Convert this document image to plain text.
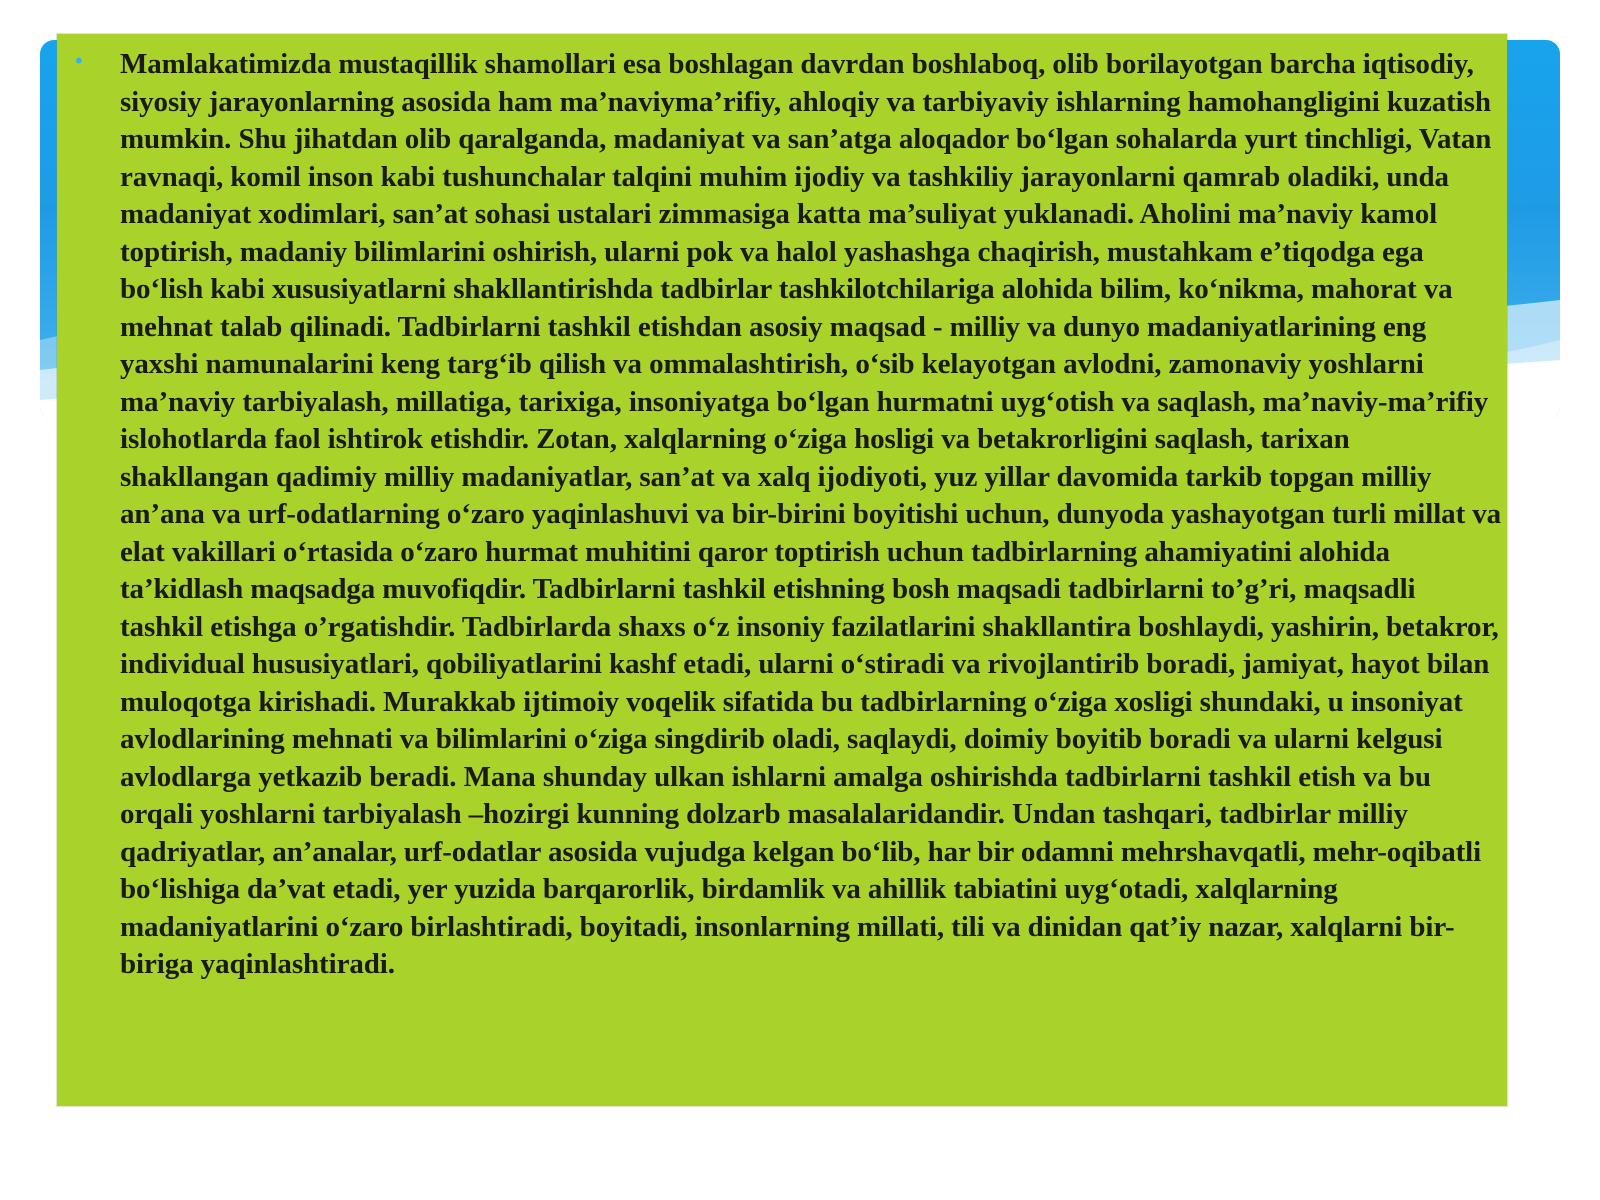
• Mamlakatimizda mustaqillik shamollari esa boshlagan davrdan boshlaboq, olib borilayotgan barcha iqtisodiy, siyosiy jarayonlarning asosida ham ma’naviyma’rifiy, ahloqiy va tarbiyaviy ishlarning hamohangligini kuzatish mumkin. Shu jihatdan olib qaralganda, madaniyat va san’atga aloqador bo‘lgan sohalarda yurt tinchligi, Vatan ravnaqi, komil inson kabi tushunchalar talqini muhim ijodiy va tashkiliy jarayonlarni qamrab oladiki, unda madaniyat xodimlari, san’at sohasi ustalari zimmasiga katta ma’suliyat yuklanadi. Aholini ma’naviy kamol toptirish, madaniy bilimlarini oshirish, ularni pok va halol yashashga chaqirish, mustahkam e’tiqodga ega bo‘lish kabi xususiyatlarni shakllantirishda tadbirlar tashkilotchilariga alohida bilim, ko‘nikma, mahorat va mehnat talab qilinadi. Tadbirlarni tashkil etishdan asosiy maqsad - milliy va dunyo madaniyatlarining eng yaxshi namunalarini keng targ‘ib qilish va ommalashtirish, o‘sib kelayotgan avlodni, zamonaviy yoshlarni ma’naviy tarbiyalash, millatiga, tarixiga, insoniyatga bo‘lgan hurmatni uyg‘otish va saqlash, ma’naviy-ma’rifiy islohotlarda faol ishtirok etishdir. Zotan, xalqlarning o‘ziga hosligi va betakrorligini saqlash, tarixan shakllangan qadimiy milliy madaniyatlar, san’at va xalq ijodiyoti, yuz yillar davomida tarkib topgan milliy an’ana va urf-odatlarning o‘zaro yaqinlashuvi va bir-birini boyitishi uchun, dunyoda yashayotgan turli millat va elat vakillari o‘rtasida o‘zaro hurmat muhitini qaror toptirish uchun tadbirlarning ahamiyatini alohida ta’kidlash maqsadga muvofiqdir. Tadbirlarni tashkil etishning bosh maqsadi tadbirlarni to’g’ri, maqsadli tashkil etishga o’rgatishdir. Tadbirlarda shaxs o‘z insoniy fazilatlarini shakllantira boshlaydi, yashirin, betakror, individual hususiyatlari, qobiliyatlarini kashf etadi, ularni o‘stiradi va rivojlantirib boradi, jamiyat, hayot bilan muloqotga kirishadi. Murakkab ijtimoiy voqelik sifatida bu tadbirlarning o‘ziga xosligi shundaki, u insoniyat avlodlarining mehnati va bilimlarini o‘ziga singdirib oladi, saqlaydi, doimiy boyitib boradi va ularni kelgusi avlodlarga yetkazib beradi. Mana shunday ulkan ishlarni amalga oshirishda tadbirlarni tashkil etish va bu orqali yoshlarni tarbiyalash –hozirgi kunning dolzarb masalalaridandir. Undan tashqari, tadbirlar milliy qadriyatlar, an’analar, urf-odatlar asosida vujudga kelgan bo‘lib, har bir odamni mehrshavqatli, mehr-oqibatli bo‘lishiga da’vat etadi, yer yuzida barqarorlik, birdamlik va ahillik tabiatini uyg‘otadi, xalqlarning madaniyatlarini o‘zaro birlashtiradi, boyitadi, insonlarning millati, tili va dinidan qat’iy nazar, xalqlarni bir-biriga yaqinlashtiradi.
